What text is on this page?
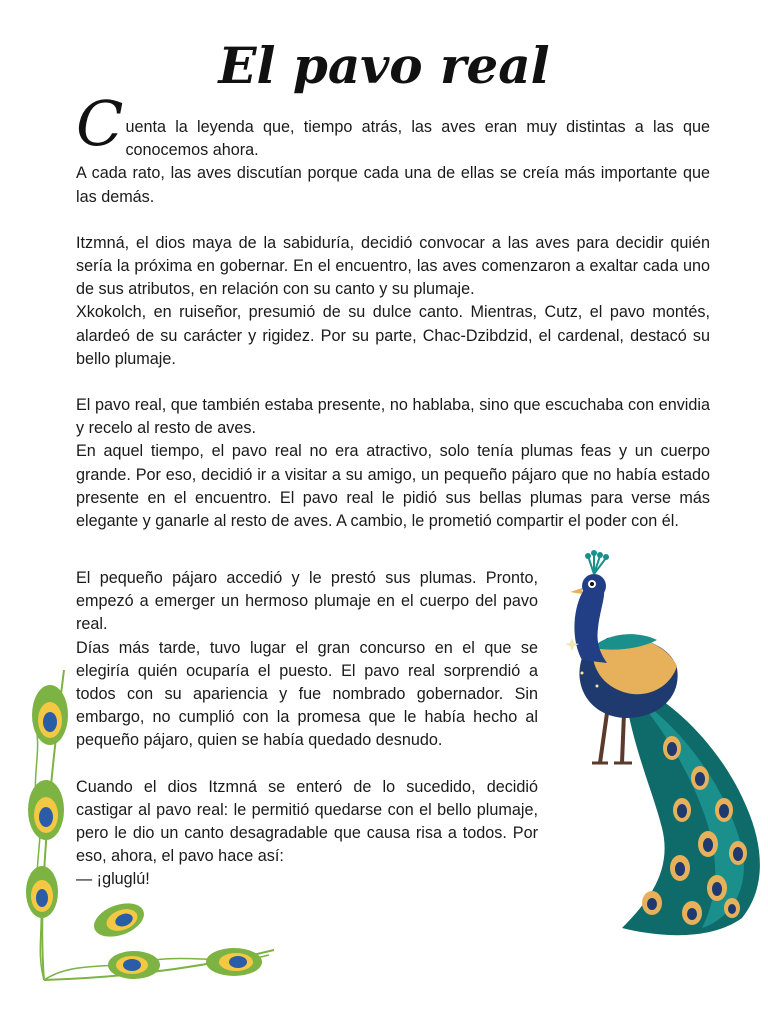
El pavo real

Cuenta la leyenda que, tiempo atrás, las aves eran muy distintas a las que conocemos ahora.

A cada rato, las aves discutían porque cada una de ellas se creía más importante que las demás.

Itzmná, el dios maya de la sabiduría, decidió convocar a las aves para decidir quién sería la próxima en gobernar. En el encuentro, las aves comenzaron a exaltar cada uno de sus atributos, en relación con su canto y su plumaje.

Xkokolch, en ruiseñor, presumió de su dulce canto. Mientras, Cutz, el pavo montés, alardeó de su carácter y rigidez. Por su parte, Chac-Dzibdzid, el cardenal, destacó su bello plumaje.

El pavo real, que también estaba presente, no hablaba, sino que escuchaba con envidia y recelo al resto de aves.

En aquel tiempo, el pavo real no era atractivo, solo tenía plumas feas y un cuerpo grande. Por eso, decidió ir a visitar a su amigo, un pequeño pájaro que no había estado presente en el encuentro. El pavo real le pidió sus bellas plumas para verse más elegante y ganarle al resto de aves. A cambio, le prometió compartir el poder con él.

El pequeño pájaro accedió y le prestó sus plumas. Pronto, empezó a emerger un hermoso plumaje en el cuerpo del pavo real.

Días más tarde, tuvo lugar el gran concurso en el que se elegiría quién ocuparía el puesto. El pavo real sorprendió a todos con su apariencia y fue nombrado gobernador. Sin embargo, no cumplió con la promesa que le había hecho al pequeño pájaro, quien se había quedado desnudo.

Cuando el dios Itzmná se enteró de lo sucedido, decidió castigar al pavo real: le permitió quedarse con el bello plumaje, pero le dio un canto desagradable que causa risa a todos. Por eso, ahora, el pavo hace así:

— ¡gluglú!
